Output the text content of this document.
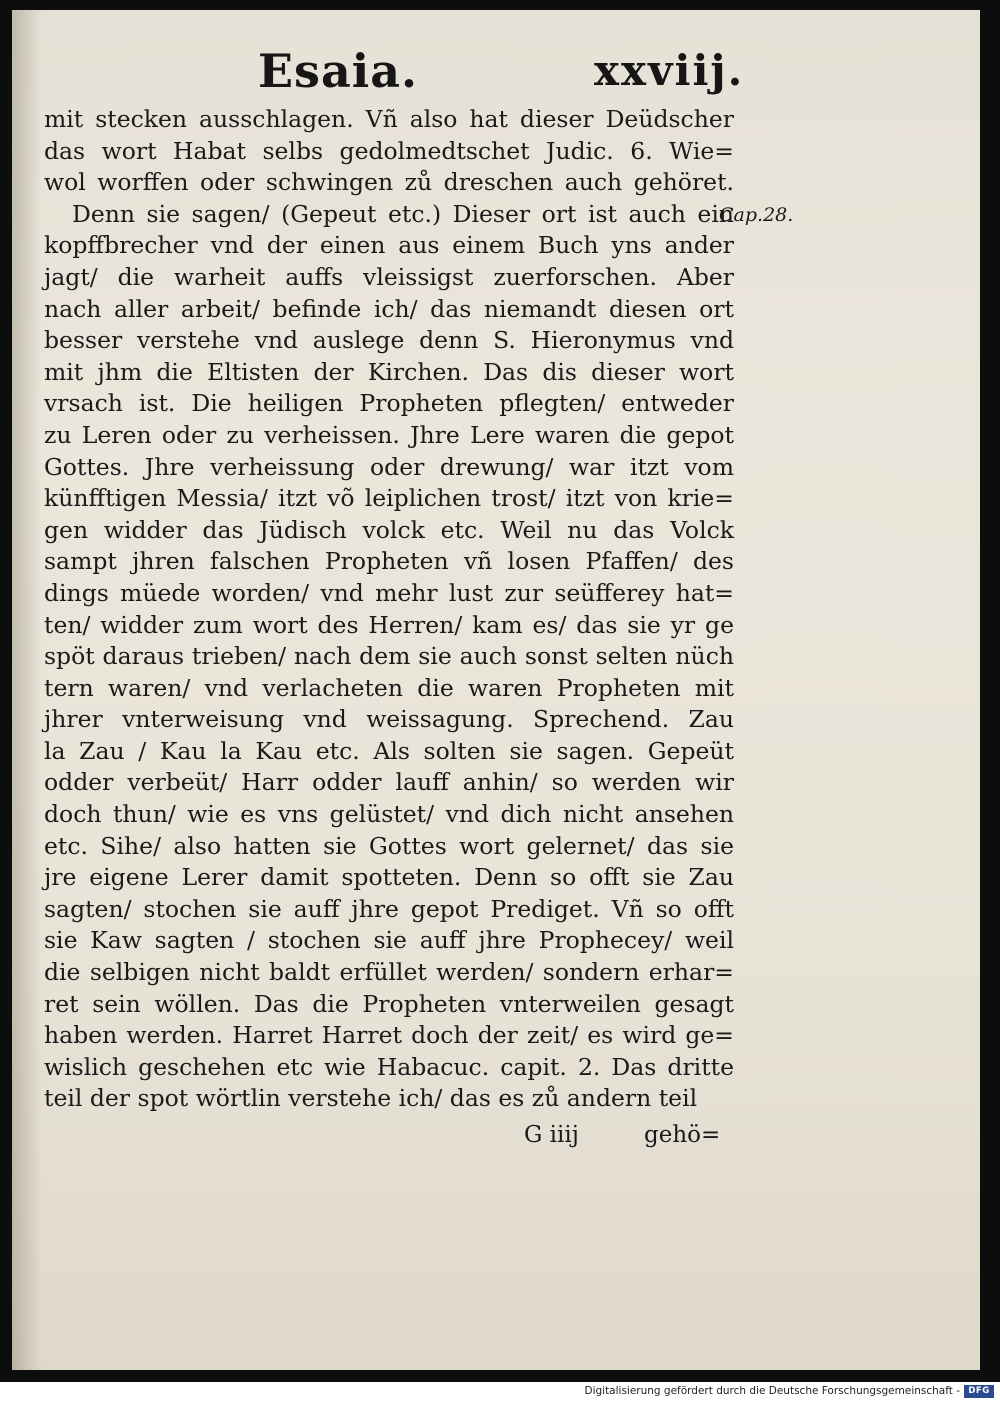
Esaia.	xxviij.
Cap.28.
mit stecken ausschlagen. Vñ also hat dieser Deüdscher
das wort Habat selbs gedolmedtschet Judic. 6. Wie=
wol worffen oder schwingen zů dreschen auch gehöret.
Denn sie sagen/ (Gepeut etc.) Dieser ort ist auch ein
kopffbrecher vnd der einen aus einem Buch yns ander
jagt/ die warheit auffs vleissigst zuerforschen. Aber
nach aller arbeit/ befinde ich/ das niemandt diesen ort
besser verstehe vnd auslege denn S. Hieronymus vnd
mit jhm die Eltisten der Kirchen. Das dis dieser wort
vrsach ist. Die heiligen Propheten pflegten/ entweder
zu Leren oder zu verheissen. Jhre Lere waren die gepot
Gottes. Jhre verheissung oder drewung/ war itzt vom
künfftigen Messia/ itzt võ leiplichen trost/ itzt von krie=
gen widder das Jüdisch volck etc. Weil nu das Volck
sampt jhren falschen Propheten vñ losen Pfaffen/ des
dings müede worden/ vnd mehr lust zur seüfferey hat=
ten/ widder zum wort des Herren/ kam es/ das sie yr ge
spöt daraus trieben/ nach dem sie auch sonst selten nüch
tern waren/ vnd verlacheten die waren Propheten mit
jhrer vnterweisung vnd weissagung. Sprechend. Zau
la Zau / Kau la Kau etc. Als solten sie sagen. Gepeüt
odder verbeüt/ Harr odder lauff anhin/ so werden wir
doch thun/ wie es vns gelüstet/ vnd dich nicht ansehen
etc. Sihe/ also hatten sie Gottes wort gelernet/ das sie
jre eigene Lerer damit spotteten. Denn so offt sie Zau
sagten/ stochen sie auff jhre gepot Prediget. Vñ so offt
sie Kaw sagten / stochen sie auff jhre Prophecey/ weil
die selbigen nicht baldt erfüllet werden/ sondern erhar=
ret sein wöllen. Das die Propheten vnterweilen gesagt
haben werden. Harret Harret doch der zeit/ es wird ge=
wislich geschehen etc wie Habacuc. capit. 2. Das dritte
teil der spot wörtlin verstehe ich/ das es zů andern teil
G iiij	gehö=
Digitalisierung gefördert durch die Deutsche Forschungsgemeinschaft - DFG
